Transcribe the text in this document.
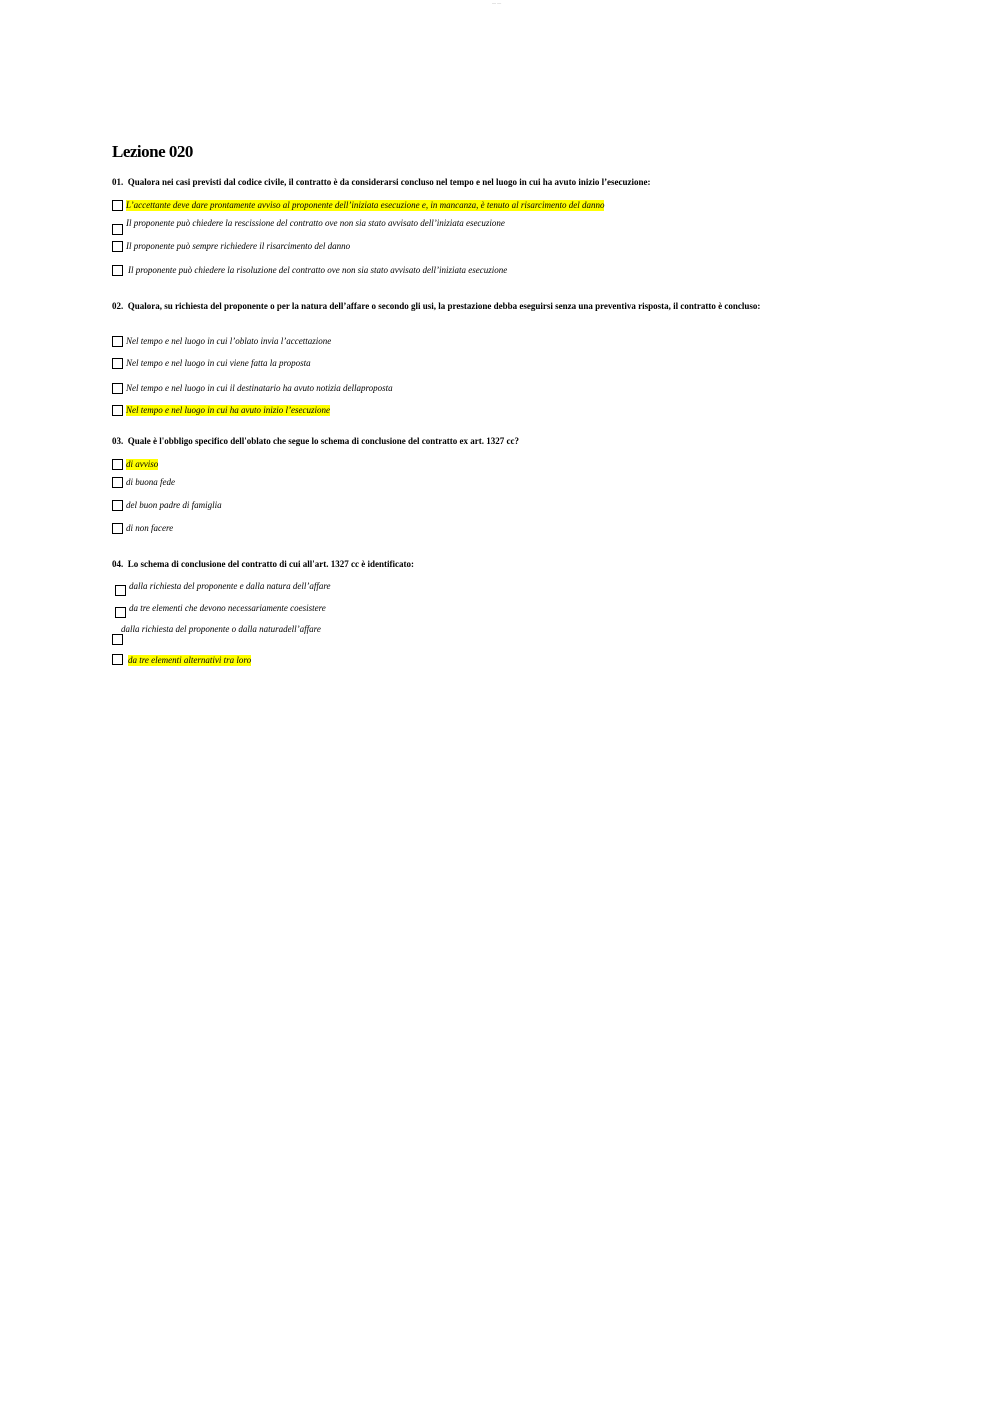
— —
Lezione 020

01. Qualora nei casi previsti dal codice civile, il contratto è da considerarsi concluso nel tempo e nel luogo in cui ha avuto inizio l’esecuzione:

L’accettante deve dare prontamente avviso al proponente dell’iniziata esecuzione e, in mancanza, è tenuto al risarcimento del danno
Il proponente può chiedere la rescissione del contratto ove non sia stato avvisato dell’iniziata esecuzione
Il proponente può sempre richiedere il risarcimento del danno
Il proponente può chiedere la risoluzione del contratto ove non sia stato avvisato dell’iniziata esecuzione

02. Qualora, su richiesta del proponente o per la natura dell’affare o secondo gli usi, la prestazione debba eseguirsi senza una preventiva risposta, il contratto è concluso:

Nel tempo e nel luogo in cui l’oblato invia l’accettazione
Nel tempo e nel luogo in cui viene fatta la proposta
Nel tempo e nel luogo in cui il destinatario ha avuto notizia dellaproposta
Nel tempo e nel luogo in cui ha avuto inizio l’esecuzione

03. Quale è l'obbligo specifico dell'oblato che segue lo schema di conclusione del contratto ex art. 1327 cc?

di avviso
di buona fede
del buon padre di famiglia
di non facere

04. Lo schema di conclusione del contratto di cui all'art. 1327 cc è identificato:

dalla richiesta del proponente e dalla natura dell’affare
da tre elementi che devono necessariamente coesistere
dalla richiesta del proponente o dalla naturadell’affare
da tre elementi alternativi tra loro
